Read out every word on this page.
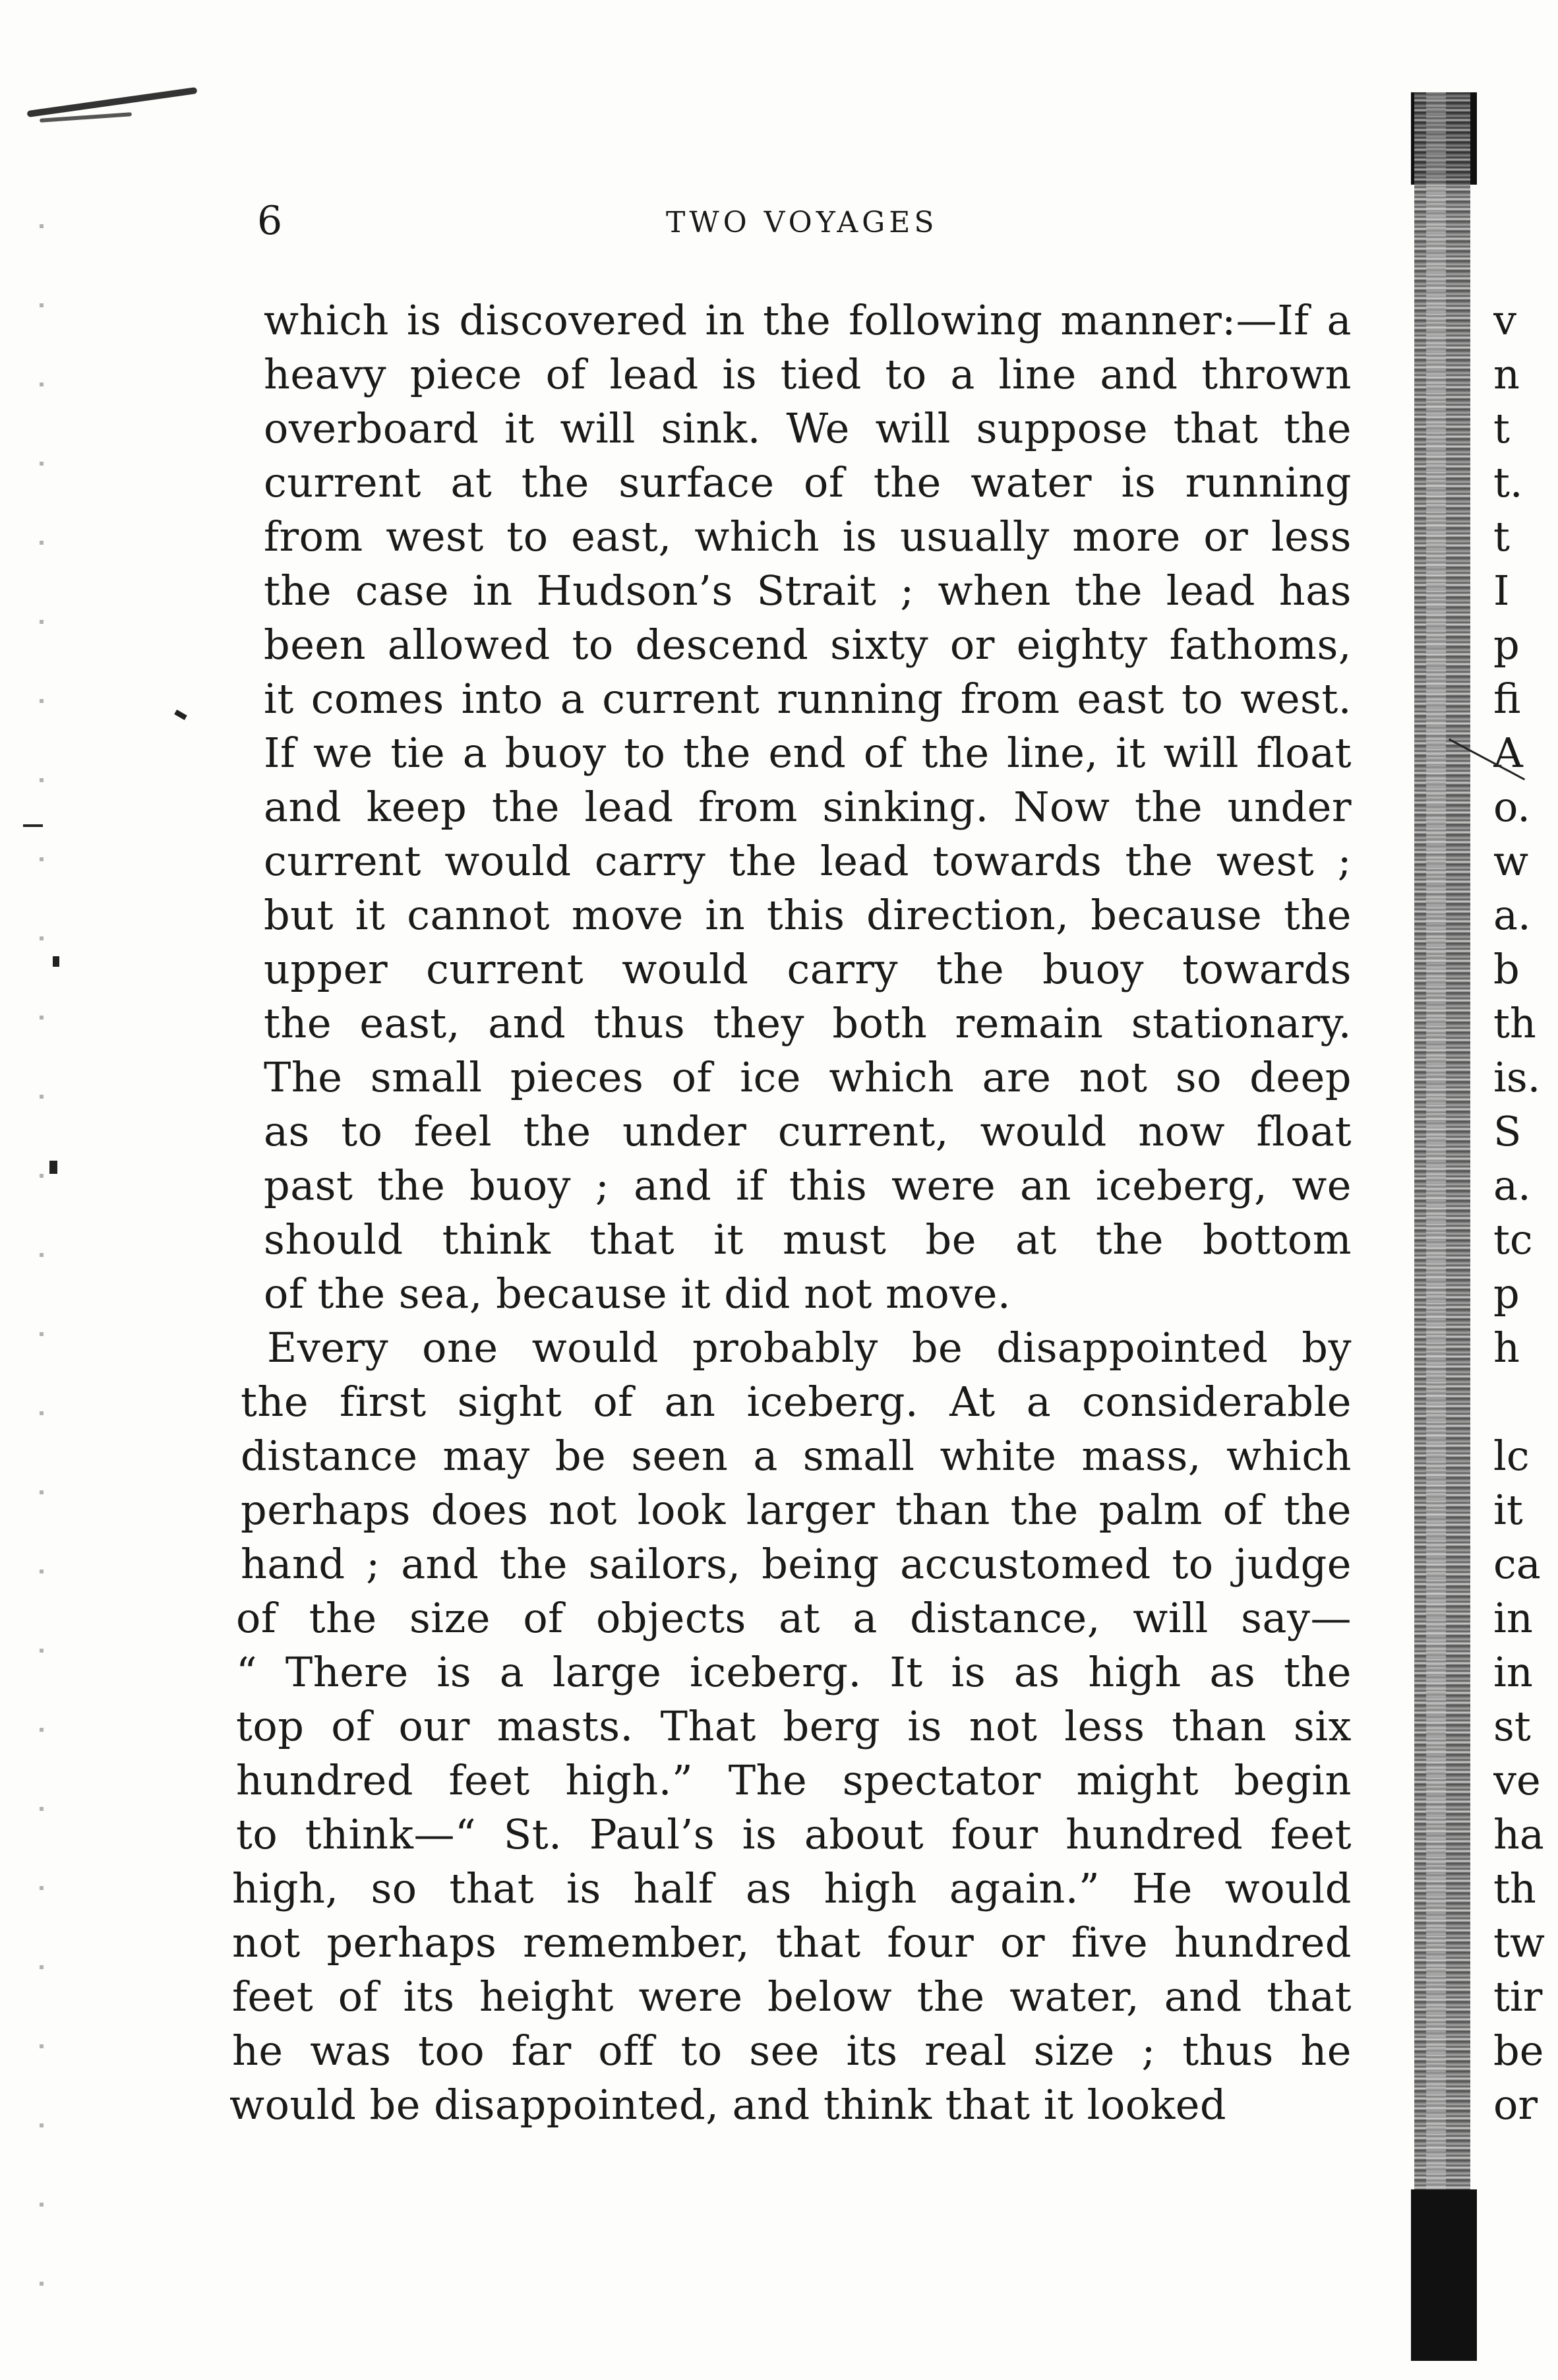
6	TWO VOYAGES
which is discovered in the following manner:—If a
heavy piece of lead is tied to a line and thrown
overboard it will sink. We will suppose that the
current at the surface of the water is running
from west to east, which is usually more or less
the case in Hudson’s Strait ; when the lead has
been allowed to descend sixty or eighty fathoms,
it comes into a current running from east to west.
If we tie a buoy to the end of the line, it will float
and keep the lead from sinking. Now the under
current would carry the lead towards the west ;
but it cannot move in this direction, because the
upper current would carry the buoy towards
the east, and thus they both remain stationary.
The small pieces of ice which are not so deep
as to feel the under current, would now float
past the buoy ; and if this were an iceberg, we
should think that it must be at the bottom
of the sea, because it did not move.
Every one would probably be disappointed by
the first sight of an iceberg. At a considerable
distance may be seen a small white mass, which
perhaps does not look larger than the palm of the
hand ; and the sailors, being accustomed to judge
of the size of objects at a distance, will say—
“ There is a large iceberg. It is as high as the
top of our masts. That berg is not less than six
hundred feet high.” The spectator might begin
to think—“ St. Paul’s is about four hundred feet
high, so that is half as high again.” He would
not perhaps remember, that four or five hundred
feet of its height were below the water, and that
he was too far off to see its real size ; thus he
would be disappointed, and think that it looked
v
n
t
t.
t
I
p
fi
A
o.
w
a.
b
th
is.
S
a.
tc
p
h
lc
it
ca
in
in
st
ve
ha
th
tw
tir
be
or
